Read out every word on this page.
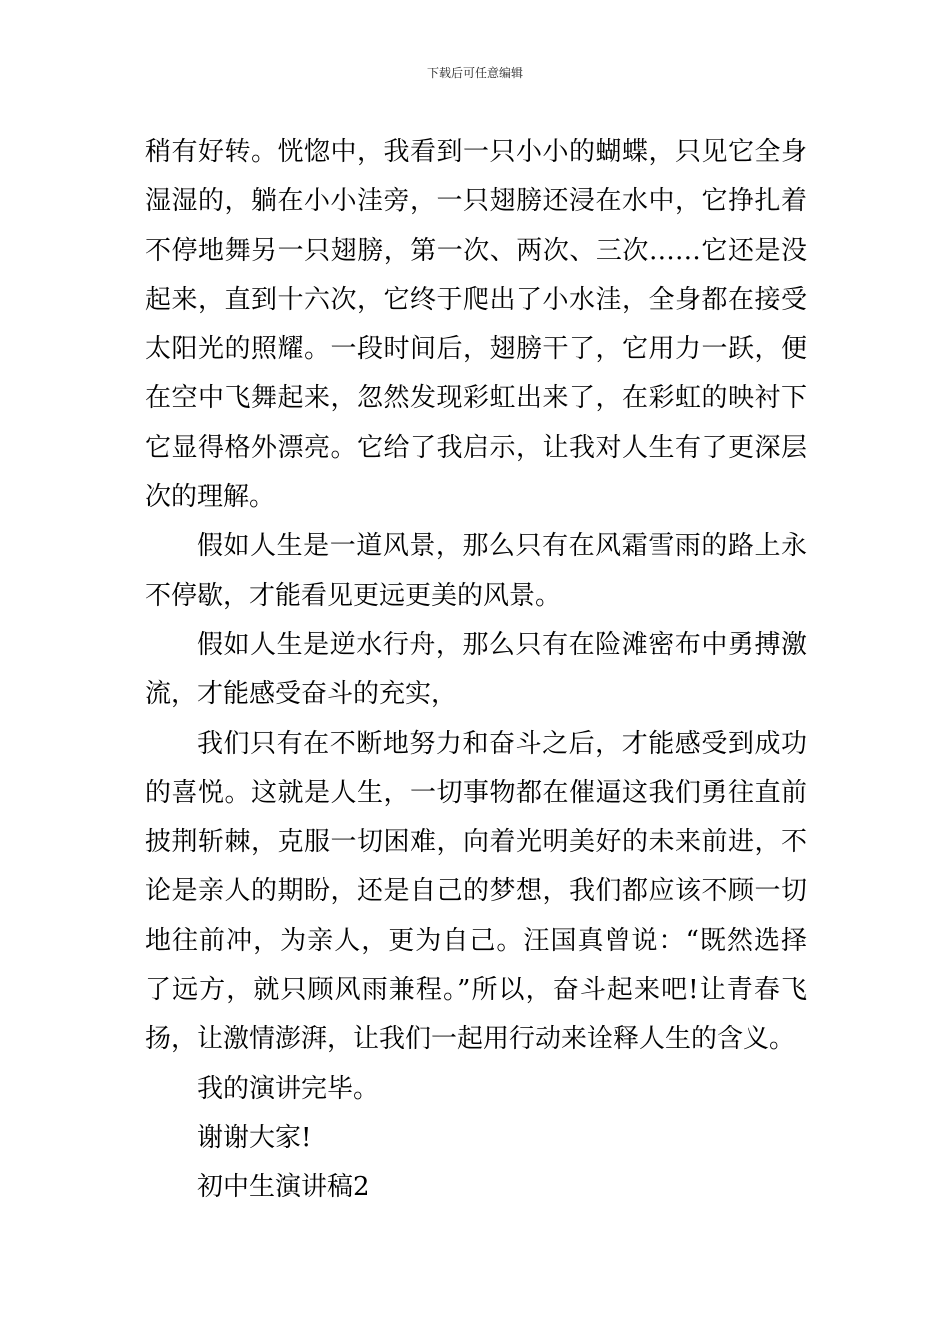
下载后可任意编辑

稍有好转。恍惚中，我看到一只小小的蝴蝶，只见它全身湿湿的，躺在小小洼旁，一只翅膀还浸在水中，它挣扎着不停地舞另一只翅膀，第一次、两次、三次……它还是没起来，直到十六次，它终于爬出了小水洼，全身都在接受太阳光的照耀。一段时间后，翅膀干了，它用力一跃，便在空中飞舞起来，忽然发现彩虹出来了，在彩虹的映衬下它显得格外漂亮。它给了我启示，让我对人生有了更深层次的理解。

假如人生是一道风景，那么只有在风霜雪雨的路上永不停歇，才能看见更远更美的风景。

假如人生是逆水行舟，那么只有在险滩密布中勇搏激流，才能感受奋斗的充实，

我们只有在不断地努力和奋斗之后，才能感受到成功的喜悦。这就是人生，一切事物都在催逼这我们勇往直前披荆斩棘，克服一切困难，向着光明美好的未来前进，不论是亲人的期盼，还是自己的梦想，我们都应该不顾一切地往前冲，为亲人，更为自己。汪国真曾说：“既然选择了远方，就只顾风雨兼程。”所以，奋斗起来吧!让青春飞扬，让激情澎湃，让我们一起用行动来诠释人生的含义。

我的演讲完毕。

谢谢大家!

初中生演讲稿2
